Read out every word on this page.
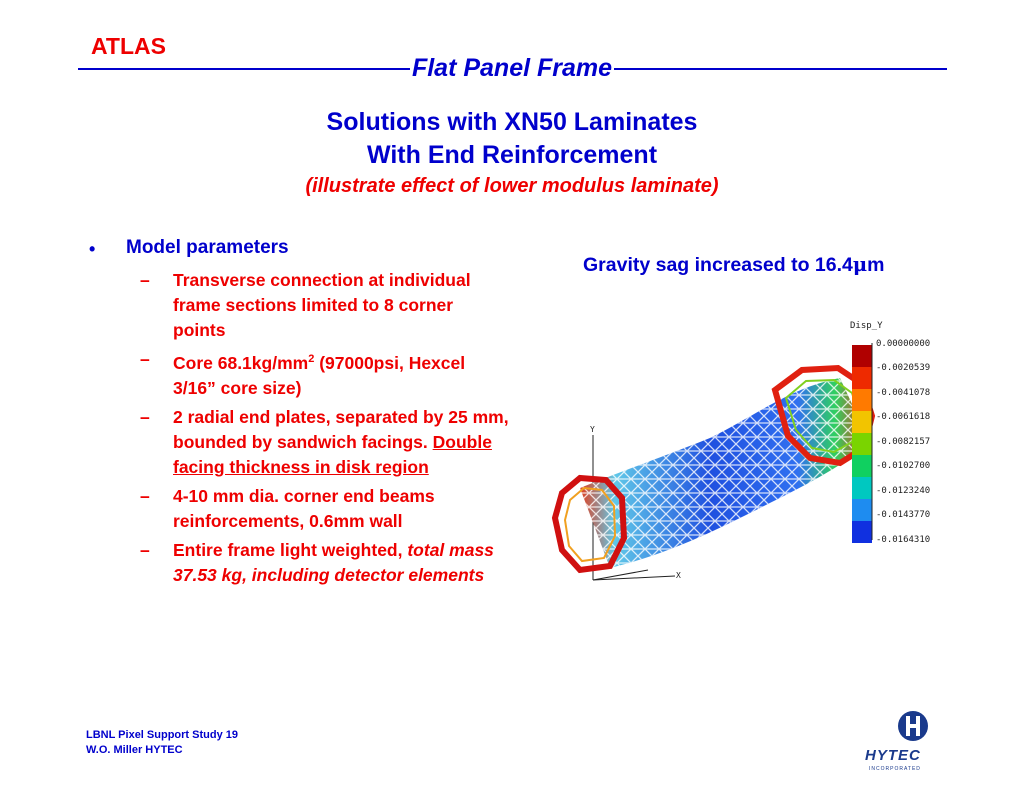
ATLAS
Flat Panel Frame
Solutions with XN50 Laminates
With End Reinforcement
(illustrate effect of lower modulus laminate)
• Model parameters
– Transverse connection at individual frame sections limited to 8 corner points
– Core $68.1kg/mm^2$ (97000psi, Hexcel 3/16” core size)
– 2 radial end plates, separated by 25 mm, bounded by sandwich facings. Double facing thickness in disk region
– 4-10 mm dia. corner end beams reinforcements, 0.6mm wall
– Entire frame light weighted, total mass 37.53 kg, including detector elements
Gravity sag increased to 16.4μm
Y
X
Disp_Y
0.00000000
-0.0020539
-0.0041078
-0.0061618
-0.0082157
-0.0102700
-0.0123240
-0.0143770
-0.0164310
LBNL Pixel Support Study 19
W.O. Miller HYTEC	HYTEC
INCORPORATED
